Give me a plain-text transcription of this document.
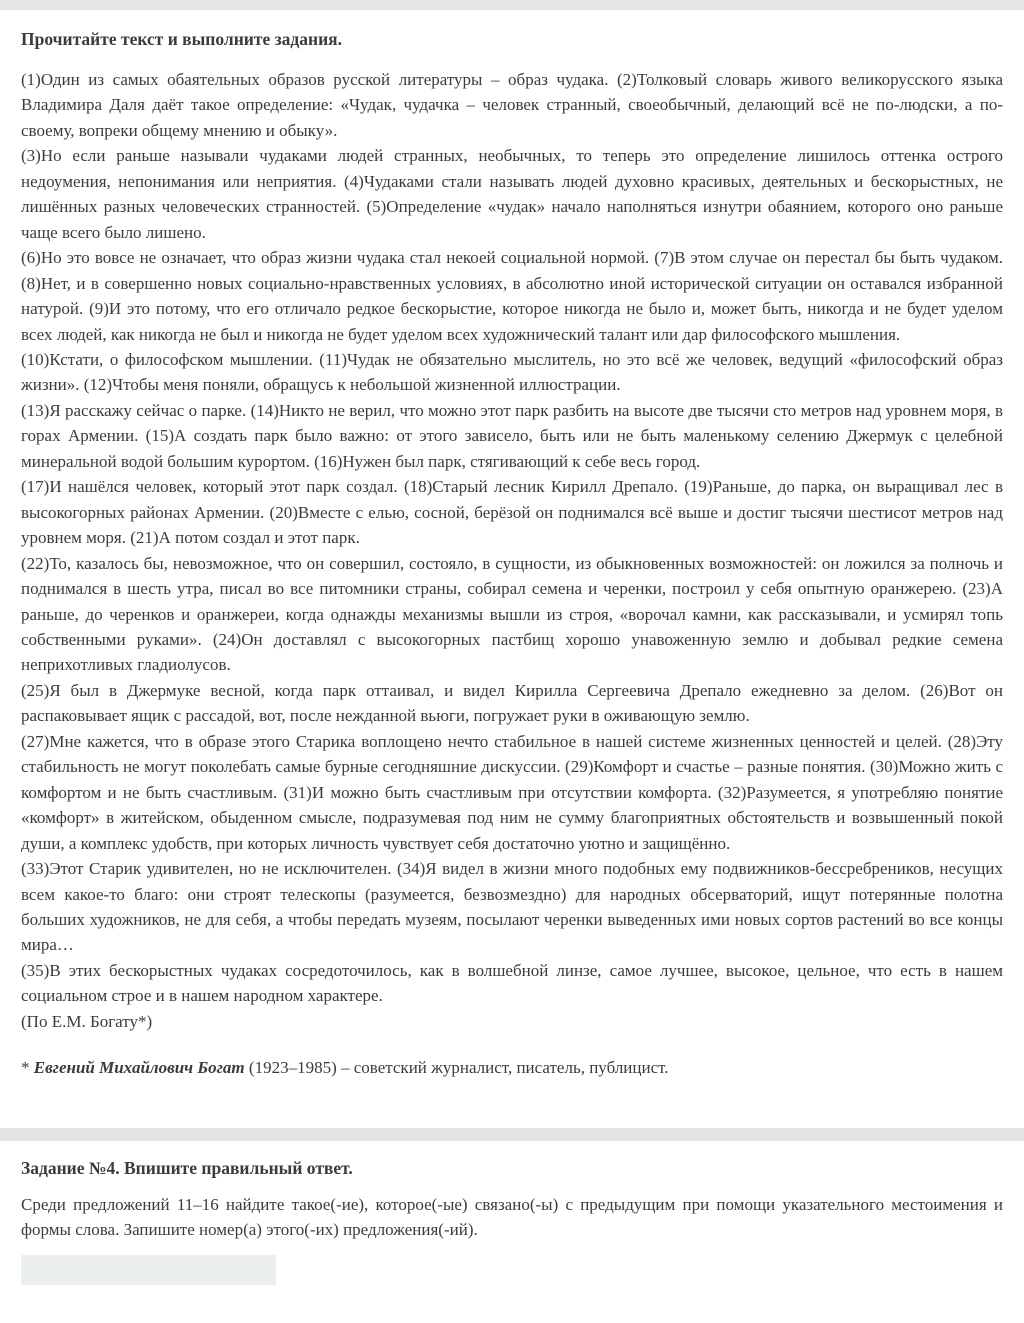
Прочитайте текст и выполните задания.

(1)Один из самых обаятельных образов русской литературы – образ чудака. (2)Толковый словарь живого великорусского языка Владимира Даля даёт такое определение: «Чудак, чудачка – человек странный, своеобычный, делающий всё не по-людски, а по-своему, вопреки общему мнению и обыку».

(3)Но если раньше называли чудаками людей странных, необычных, то теперь это определение лишилось оттенка острого недоумения, непонимания или неприятия. (4)Чудаками стали называть людей духовно красивых, деятельных и бескорыстных, не лишённых разных человеческих странностей. (5)Определение «чудак» начало наполняться изнутри обаянием, которого оно раньше чаще всего было лишено.

(6)Но это вовсе не означает, что образ жизни чудака стал некоей социальной нормой. (7)В этом случае он перестал бы быть чудаком. (8)Нет, и в совершенно новых социально-нравственных условиях, в абсолютно иной исторической ситуации он оставался избранной натурой. (9)И это потому, что его отличало редкое бескорыстие, которое никогда не было и, может быть, никогда и не будет уделом всех людей, как никогда не был и никогда не будет уделом всех художнический талант или дар философского мышления.

(10)Кстати, о философском мышлении. (11)Чудак не обязательно мыслитель, но это всё же человек, ведущий «философский образ жизни». (12)Чтобы меня поняли, обращусь к небольшой жизненной иллюстрации.

(13)Я расскажу сейчас о парке. (14)Никто не верил, что можно этот парк разбить на высоте две тысячи сто метров над уровнем моря, в горах Армении. (15)А создать парк было важно: от этого зависело, быть или не быть маленькому селению Джермук с целебной минеральной водой большим курортом. (16)Нужен был парк, стягивающий к себе весь город.

(17)И нашёлся человек, который этот парк создал. (18)Старый лесник Кирилл Дрепало. (19)Раньше, до парка, он выращивал лес в высокогорных районах Армении. (20)Вместе с елью, сосной, берёзой он поднимался всё выше и достиг тысячи шестисот метров над уровнем моря. (21)А потом создал и этот парк.

(22)То, казалось бы, невозможное, что он совершил, состояло, в сущности, из обыкновенных возможностей: он ложился за полночь и поднимался в шесть утра, писал во все питомники страны, собирал семена и черенки, построил у себя опытную оранжерею. (23)А раньше, до черенков и оранжереи, когда однажды механизмы вышли из строя, «ворочал камни, как рассказывали, и усмирял топь собственными руками». (24)Он доставлял с высокогорных пастбищ хорошо унавоженную землю и добывал редкие семена неприхотливых гладиолусов.

(25)Я был в Джермуке весной, когда парк оттаивал, и видел Кирилла Сергеевича Дрепало ежедневно за делом. (26)Вот он распаковывает ящик с рассадой, вот, после нежданной вьюги, погружает руки в оживающую землю.

(27)Мне кажется, что в образе этого Старика воплощено нечто стабильное в нашей системе жизненных ценностей и целей. (28)Эту стабильность не могут поколебать самые бурные сегодняшние дискуссии. (29)Комфорт и счастье – разные понятия. (30)Можно жить с комфортом и не быть счастливым. (31)И можно быть счастливым при отсутствии комфорта. (32)Разумеется, я употребляю понятие «комфорт» в житейском, обыденном смысле, подразумевая под ним не сумму благоприятных обстоятельств и возвышенный покой души, а комплекс удобств, при которых личность чувствует себя достаточно уютно и защищённо.

(33)Этот Старик удивителен, но не исключителен. (34)Я видел в жизни много подобных ему подвижников-бессребреников, несущих всем какое-то благо: они строят телескопы (разумеется, безвозмездно) для народных обсерваторий, ищут потерянные полотна больших художников, не для себя, а чтобы передать музеям, посылают черенки выведенных ими новых сортов растений во все концы мира…

(35)В этих бескорыстных чудаках сосредоточилось, как в волшебной линзе, самое лучшее, высокое, цельное, что есть в нашем социальном строе и в нашем народном характере.

(По Е.М. Богату*)

* Евгений Михайлович Богат (1923–1985) – советский журналист, писатель, публицист.

Задание №4. Впишите правильный ответ.

Среди предложений 11–16 найдите такое(-ие), которое(-ые) связано(-ы) с предыдущим при помощи указательного местоимения и формы слова. Запишите номер(а) этого(-их) предложения(-ий).
